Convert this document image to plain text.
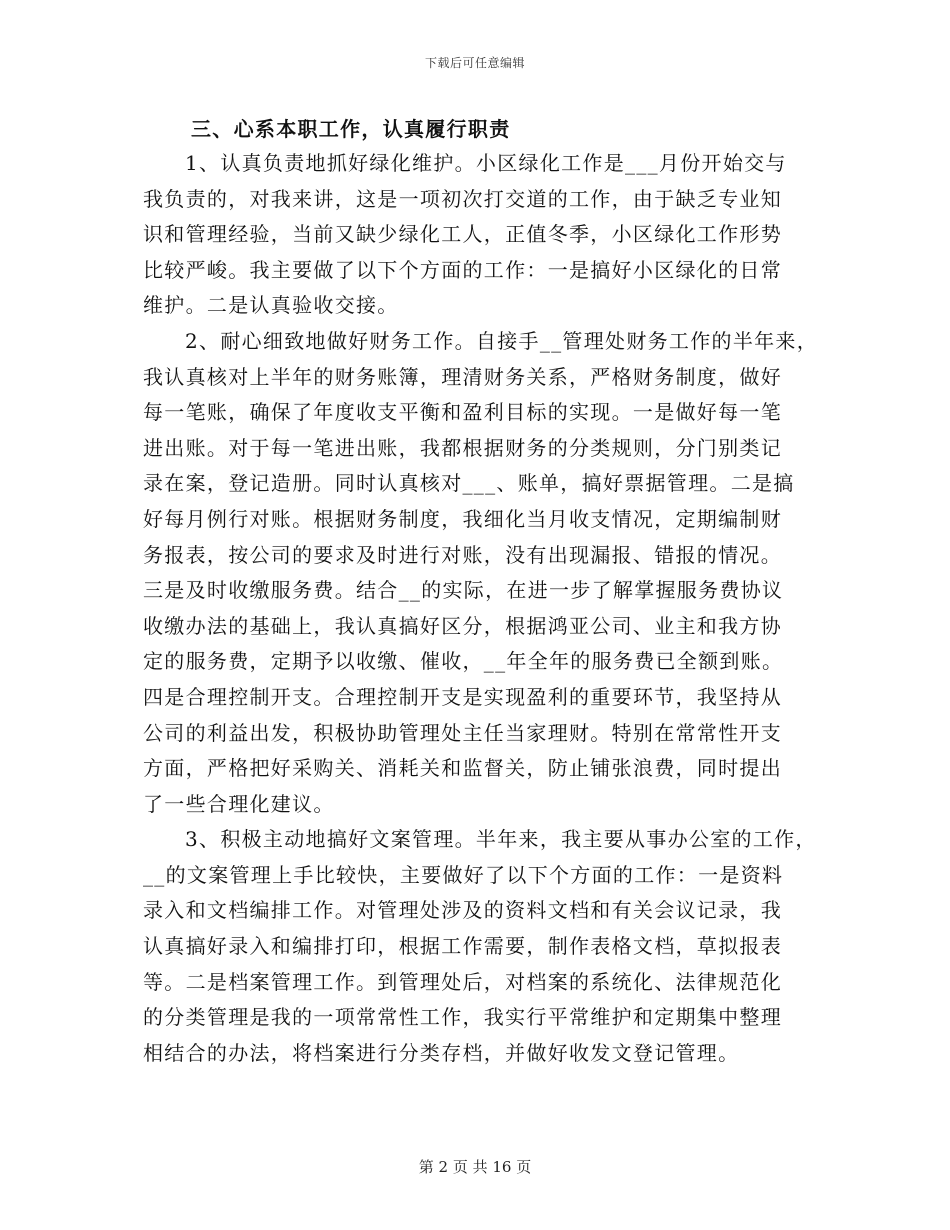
下载后可任意编辑
三、心系本职工作，认真履行职责
1、认真负责地抓好绿化维护。小区绿化工作是___月份开始交与
我负责的，对我来讲，这是一项初次打交道的工作，由于缺乏专业知
识和管理经验，当前又缺少绿化工人，正值冬季，小区绿化工作形势
比较严峻。我主要做了以下个方面的工作：一是搞好小区绿化的日常
维护。二是认真验收交接。
2、耐心细致地做好财务工作。自接手__管理处财务工作的半年来，
我认真核对上半年的财务账簿，理清财务关系，严格财务制度，做好
每一笔账，确保了年度收支平衡和盈利目标的实现。一是做好每一笔
进出账。对于每一笔进出账，我都根据财务的分类规则，分门别类记
录在案，登记造册。同时认真核对___、账单，搞好票据管理。二是搞
好每月例行对账。根据财务制度，我细化当月收支情况，定期编制财
务报表，按公司的要求及时进行对账，没有出现漏报、错报的情况。
三是及时收缴服务费。结合__的实际，在进一步了解掌握服务费协议
收缴办法的基础上，我认真搞好区分，根据鸿亚公司、业主和我方协
定的服务费，定期予以收缴、催收，__年全年的服务费已全额到账。
四是合理控制开支。合理控制开支是实现盈利的重要环节，我坚持从
公司的利益出发，积极协助管理处主任当家理财。特别在常常性开支
方面，严格把好采购关、消耗关和监督关，防止铺张浪费，同时提出
了一些合理化建议。
3、积极主动地搞好文案管理。半年来，我主要从事办公室的工作，
__的文案管理上手比较快，主要做好了以下个方面的工作：一是资料
录入和文档编排工作。对管理处涉及的资料文档和有关会议记录，我
认真搞好录入和编排打印，根据工作需要，制作表格文档，草拟报表
等。二是档案管理工作。到管理处后，对档案的系统化、法律规范化
的分类管理是我的一项常常性工作，我实行平常维护和定期集中整理
相结合的办法，将档案进行分类存档，并做好收发文登记管理。
第 2 页 共 16 页
